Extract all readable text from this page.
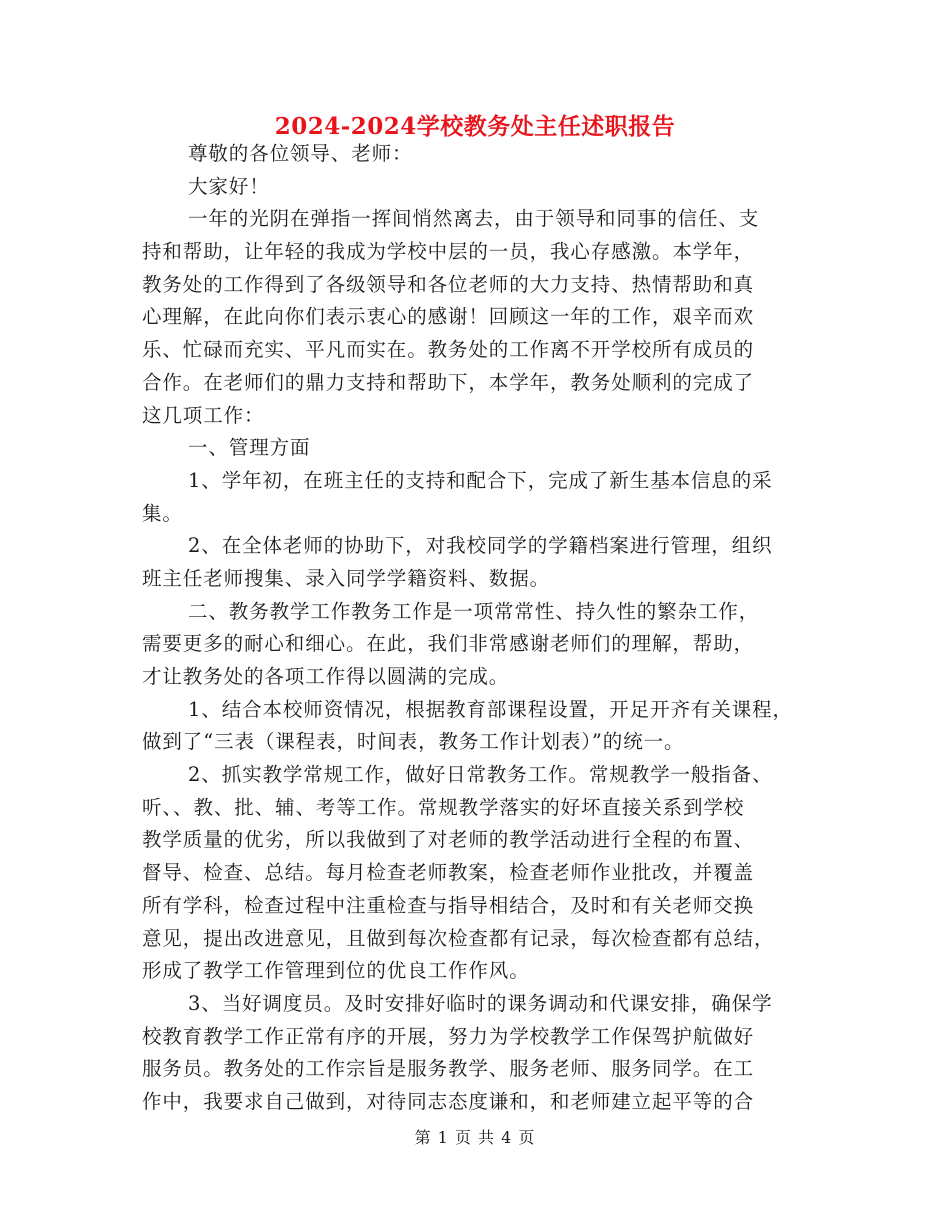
2024-2024学校教务处主任述职报告
尊敬的各位领导、老师：
大家好！
一年的光阴在弹指一挥间悄然离去，由于领导和同事的信任、支
持和帮助，让年轻的我成为学校中层的一员，我心存感激。本学年，
教务处的工作得到了各级领导和各位老师的大力支持、热情帮助和真
心理解，在此向你们表示衷心的感谢！回顾这一年的工作，艰辛而欢
乐、忙碌而充实、平凡而实在。教务处的工作离不开学校所有成员的
合作。在老师们的鼎力支持和帮助下，本学年，教务处顺利的完成了
这几项工作：
一、管理方面
1、学年初，在班主任的支持和配合下，完成了新生基本信息的采
集。
2、在全体老师的协助下，对我校同学的学籍档案进行管理，组织
班主任老师搜集、录入同学学籍资料、数据。
二、教务教学工作教务工作是一项常常性、持久性的繁杂工作，
需要更多的耐心和细心。在此，我们非常感谢老师们的理解，帮助，
才让教务处的各项工作得以圆满的完成。
1、结合本校师资情况，根据教育部课程设置，开足开齐有关课程，
做到了“三表（课程表，时间表，教务工作计划表）”的统一。
2、抓实教学常规工作，做好日常教务工作。常规教学一般指备、
听、、教、批、辅、考等工作。常规教学落实的好坏直接关系到学校
教学质量的优劣，所以我做到了对老师的教学活动进行全程的布置、
督导、检查、总结。每月检查老师教案，检查老师作业批改，并覆盖
所有学科，检查过程中注重检查与指导相结合，及时和有关老师交换
意见，提出改进意见，且做到每次检查都有记录，每次检查都有总结，
形成了教学工作管理到位的优良工作作风。
3、当好调度员。及时安排好临时的课务调动和代课安排，确保学
校教育教学工作正常有序的开展，努力为学校教学工作保驾护航做好
服务员。教务处的工作宗旨是服务教学、服务老师、服务同学。在工
作中，我要求自己做到，对待同志态度谦和，和老师建立起平等的合
第 1 页 共 4 页
